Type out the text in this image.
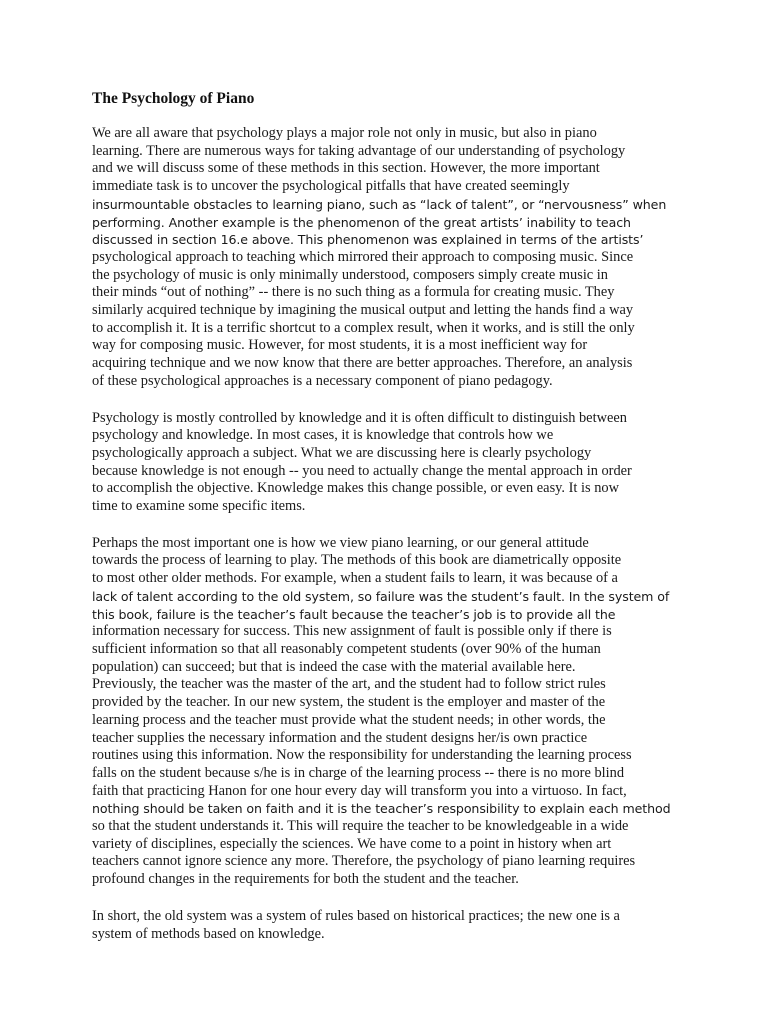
The Psychology of Piano

We are all aware that psychology plays a major role not only in music, but also in piano
learning. There are numerous ways for taking advantage of our understanding of psychology
and we will discuss some of these methods in this section. However, the more important
immediate task is to uncover the psychological pitfalls that have created seemingly
insurmountable obstacles to learning piano, such as “lack of talent”, or “nervousness” when
performing. Another example is the phenomenon of the great artists’ inability to teach
discussed in section 16.e above. This phenomenon was explained in terms of the artists’
psychological approach to teaching which mirrored their approach to composing music. Since
the psychology of music is only minimally understood, composers simply create music in
their minds “out of nothing” -- there is no such thing as a formula for creating music. They
similarly acquired technique by imagining the musical output and letting the hands find a way
to accomplish it. It is a terrific shortcut to a complex result, when it works, and is still the only
way for composing music. However, for most students, it is a most inefficient way for
acquiring technique and we now know that there are better approaches. Therefore, an analysis
of these psychological approaches is a necessary component of piano pedagogy.

Psychology is mostly controlled by knowledge and it is often difficult to distinguish between
psychology and knowledge. In most cases, it is knowledge that controls how we
psychologically approach a subject. What we are discussing here is clearly psychology
because knowledge is not enough -- you need to actually change the mental approach in order
to accomplish the objective. Knowledge makes this change possible, or even easy. It is now
time to examine some specific items.

Perhaps the most important one is how we view piano learning, or our general attitude
towards the process of learning to play. The methods of this book are diametrically opposite
to most other older methods. For example, when a student fails to learn, it was because of a
lack of talent according to the old system, so failure was the student’s fault. In the system of
this book, failure is the teacher’s fault because the teacher’s job is to provide all the
information necessary for success. This new assignment of fault is possible only if there is
sufficient information so that all reasonably competent students (over 90% of the human
population) can succeed; but that is indeed the case with the material available here.
Previously, the teacher was the master of the art, and the student had to follow strict rules
provided by the teacher. In our new system, the student is the employer and master of the
learning process and the teacher must provide what the student needs; in other words, the
teacher supplies the necessary information and the student designs her/is own practice
routines using this information. Now the responsibility for understanding the learning process
falls on the student because s/he is in charge of the learning process -- there is no more blind
faith that practicing Hanon for one hour every day will transform you into a virtuoso. In fact,
nothing should be taken on faith and it is the teacher’s responsibility to explain each method
so that the student understands it. This will require the teacher to be knowledgeable in a wide
variety of disciplines, especially the sciences. We have come to a point in history when art
teachers cannot ignore science any more. Therefore, the psychology of piano learning requires
profound changes in the requirements for both the student and the teacher.

In short, the old system was a system of rules based on historical practices; the new one is a
system of methods based on knowledge.
